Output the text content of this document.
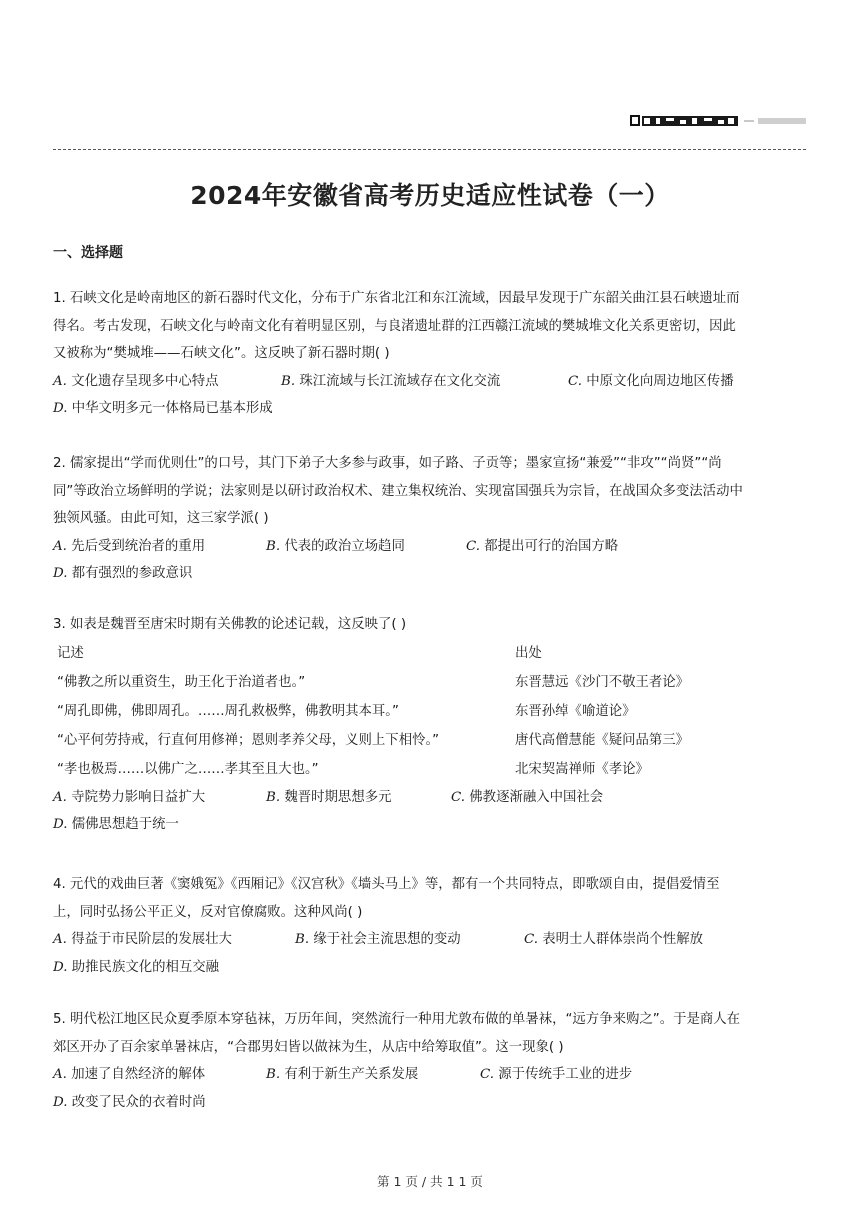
2024年安徽省高考历史适应性试卷（一）
一、选择题

1. 石峡文化是岭南地区的新石器时代文化，分布于广东省北江和东江流域，因最早发现于广东韶关曲江县石峡遗址而

得名。考古发现，石峡文化与岭南文化有着明显区别，与良渚遗址群的江西赣江流域的樊城堆文化关系更密切，因此

又被称为“樊城堆——石峡文化”。这反映了新石器时期( )

A. 文化遗存呈现多中心特点	B. 珠江流域与长江流域存在文化交流	C. 中原文化向周边地区传播
D. 中华文明多元一体格局已基本形成

2. 儒家提出“学而优则仕”的口号，其门下弟子大多参与政事，如子路、子贡等；墨家宣扬“兼爱”“非攻”“尚贤”“尚

同”等政治立场鲜明的学说；法家则是以研讨政治权术、建立集权统治、实现富国强兵为宗旨，在战国众多变法活动中

独领风骚。由此可知，这三家学派( )

A. 先后受到统治者的重用	B. 代表的政治立场趋同	C. 都提出可行的治国方略
D. 都有强烈的参政意识

3. 如表是魏晋至唐宋时期有关佛教的论述记载，这反映了( )

记述	出处
“佛教之所以重资生，助王化于治道者也。”	东晋慧远《沙门不敬王者论》
“周孔即佛，佛即周孔。……周孔救极弊，佛教明其本耳。”	东晋孙绰《喻道论》
“心平何劳持戒，行直何用修禅；恩则孝养父母，义则上下相怜。”	唐代高僧慧能《疑问品第三》
“孝也极焉……以佛广之……孝其至且大也。”	北宋契嵩禅师《孝论》
A. 寺院势力影响日益扩大	B. 魏晋时期思想多元	C. 佛教逐渐融入中国社会
D. 儒佛思想趋于统一

4. 元代的戏曲巨著《窦娥冤》《西厢记》《汉宫秋》《墙头马上》等，都有一个共同特点，即歌颂自由，提倡爱情至

上，同时弘扬公平正义，反对官僚腐败。这种风尚( )

A. 得益于市民阶层的发展壮大	B. 缘于社会主流思想的变动	C. 表明士人群体崇尚个性解放
D. 助推民族文化的相互交融

5. 明代松江地区民众夏季原本穿毡袜，万历年间，突然流行一种用尤敦布做的单暑袜，“远方争来购之”。于是商人在

郊区开办了百余家单暑袜店，“合郡男妇皆以做袜为生，从店中给筹取值”。这一现象( )

A. 加速了自然经济的解体	B. 有利于新生产关系发展	C. 源于传统手工业的进步
D. 改变了民众的衣着时尚
第 1 页 / 共 1 1 页
